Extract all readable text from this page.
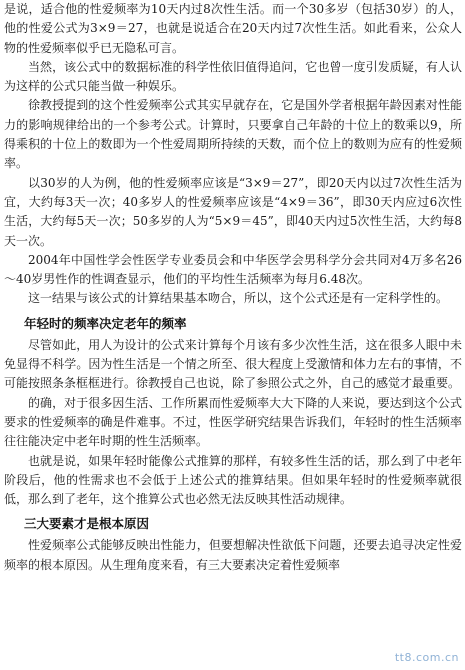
是说，适合他的性爱频率为10天内过8次性生活。而一个30多岁（包括30岁）的人，他的性爱公式为3×9＝27，也就是说适合在20天内过7次性生活。如此看来，公众人物的性爱频率似乎已无隐私可言。

当然，该公式中的数据标准的科学性依旧值得追问，它也曾一度引发质疑，有人认为这样的公式只能当做一种娱乐。

徐教授提到的这个性爱频率公式其实早就存在，它是国外学者根据年龄因素对性能力的影响规律给出的一个参考公式。计算时，只要拿自己年龄的十位上的数乘以9，所得乘积的十位上的数即为一个性爱周期所持续的天数，而个位上的数则为应有的性爱频率。

以30岁的人为例，他的性爱频率应该是“3×9＝27”，即20天内以过7次性生活为宜，大约每3天一次；40多岁人的性爱频率应该是“4×9＝36”，即30天内应过6次性生活，大约每5天一次；50多岁的人为“5×9＝45”，即40天内过5次性生活，大约每8天一次。

2004年中国性学会性医学专业委员会和中华医学会男科学分会共同对4万多名26～40岁男性作的性调查显示，他们的平均性生活频率为每月6.48次。

这一结果与该公式的计算结果基本吻合，所以，这个公式还是有一定科学性的。

年轻时的频率决定老年的频率

尽管如此，用人为设计的公式来计算每个月该有多少次性生活，这在很多人眼中未免显得不科学。因为性生活是一个情之所至、很大程度上受激情和体力左右的事情，不可能按照条条框框进行。徐教授自己也说，除了参照公式之外，自己的感觉才最重要。

的确，对于很多因生活、工作所累而性爱频率大大下降的人来说，要达到这个公式要求的性爱频率的确是件难事。不过，性医学研究结果告诉我们，年轻时的性生活频率往往能决定中老年时期的性生活频率。

也就是说，如果年轻时能像公式推算的那样，有较多性生活的话，那么到了中老年阶段后，他的性需求也不会低于上述公式的推算结果。但如果年轻时的性爱频率就很低，那么到了老年，这个推算公式也必然无法反映其性活动规律。

三大要素才是根本原因

性爱频率公式能够反映出性能力，但要想解决性欲低下问题，还要去追寻决定性爱频率的根本原因。从生理角度来看，有三大要素决定着性爱频率

tt8.com.cn
